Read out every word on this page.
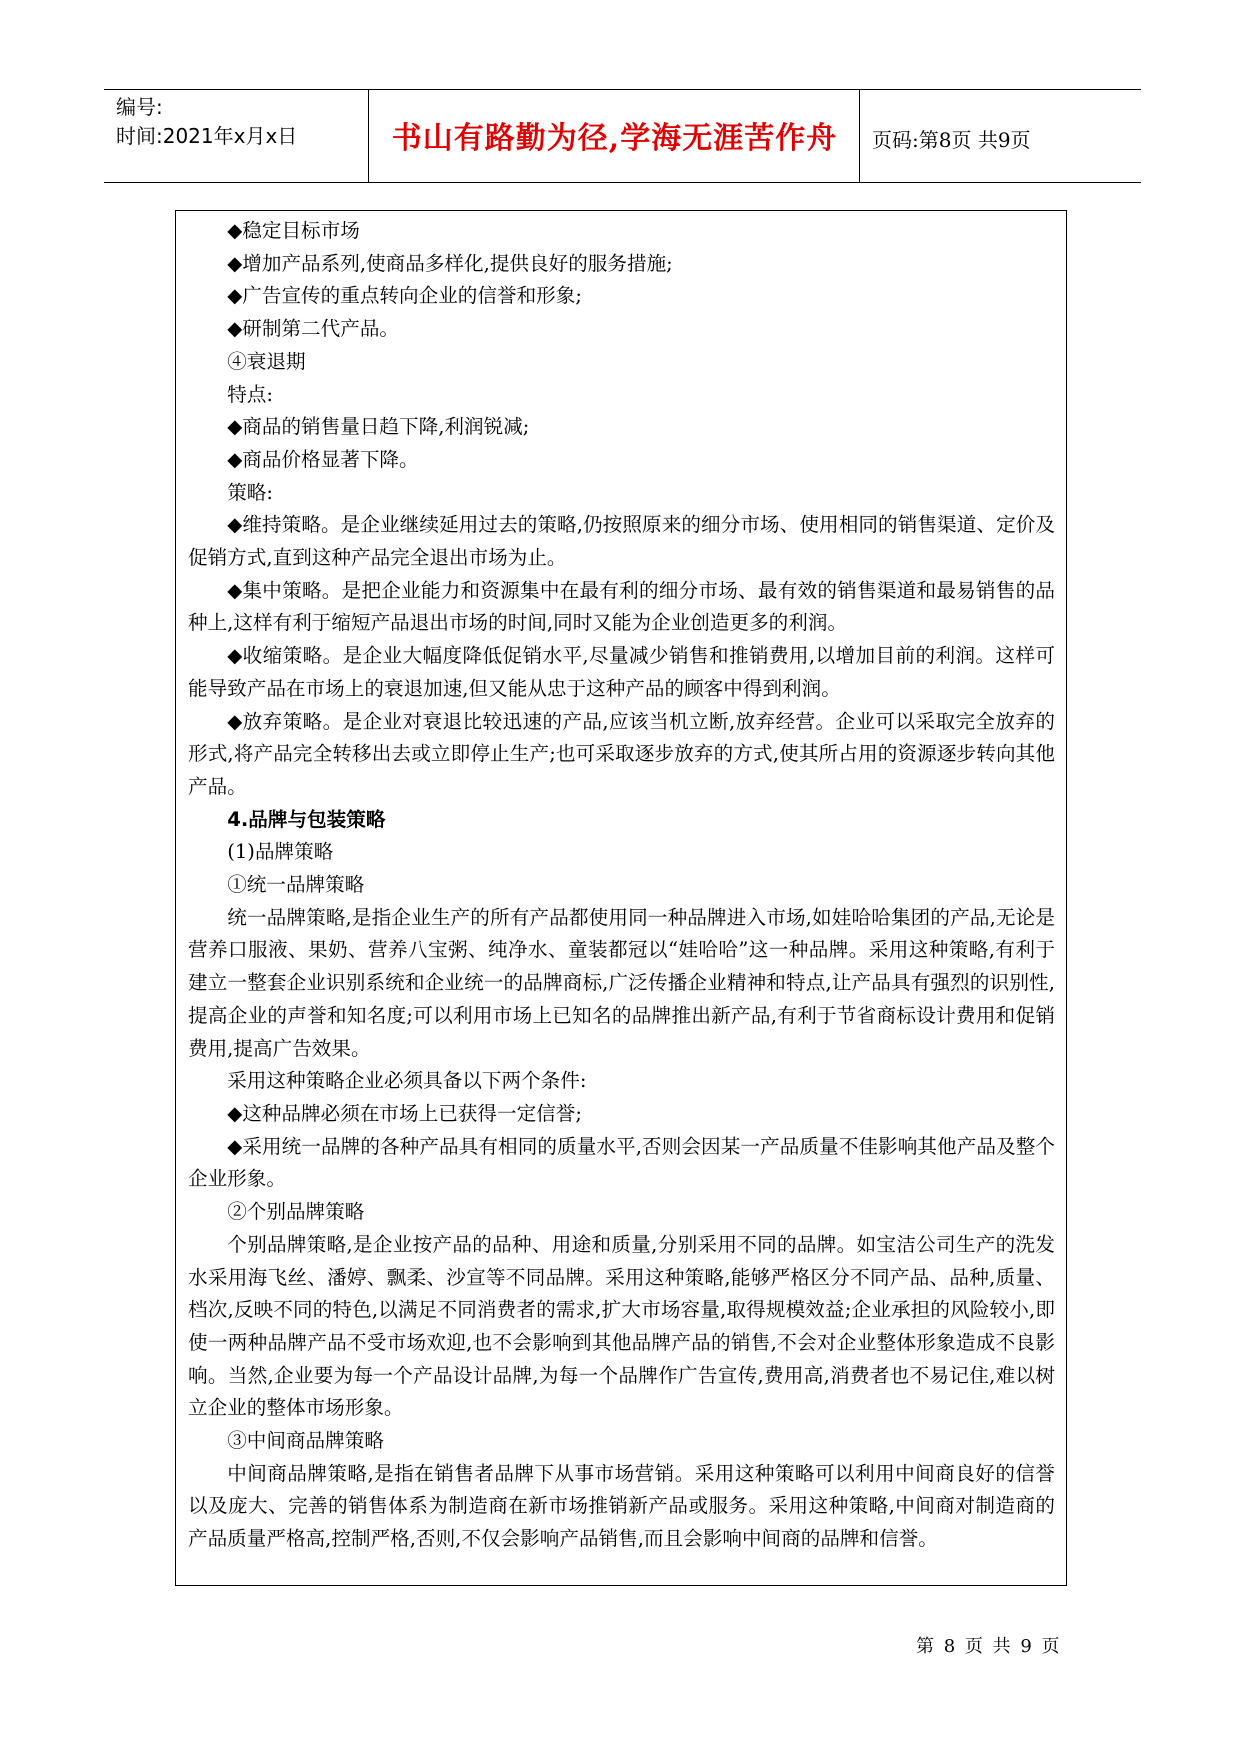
编号:
时间:2021年x月x日	书山有路勤为径,学海无涯苦作舟	页码:第8页 共9页

◆稳定目标市场

◆增加产品系列,使商品多样化,提供良好的服务措施;

◆广告宣传的重点转向企业的信誉和形象;

◆研制第二代产品。

④衰退期

特点:

◆商品的销售量日趋下降,利润锐减;

◆商品价格显著下降。

策略:

◆维持策略。是企业继续延用过去的策略,仍按照原来的细分市场、使用相同的销售渠道、定价及促销方式,直到这种产品完全退出市场为止。

◆集中策略。是把企业能力和资源集中在最有利的细分市场、最有效的销售渠道和最易销售的品种上,这样有利于缩短产品退出市场的时间,同时又能为企业创造更多的利润。

◆收缩策略。是企业大幅度降低促销水平,尽量减少销售和推销费用,以增加目前的利润。这样可能导致产品在市场上的衰退加速,但又能从忠于这种产品的顾客中得到利润。

◆放弃策略。是企业对衰退比较迅速的产品,应该当机立断,放弃经营。企业可以采取完全放弃的形式,将产品完全转移出去或立即停止生产;也可采取逐步放弃的方式,使其所占用的资源逐步转向其他产品。

4.品牌与包装策略

(1)品牌策略

①统一品牌策略

统一品牌策略,是指企业生产的所有产品都使用同一种品牌进入市场,如娃哈哈集团的产品,无论是营养口服液、果奶、营养八宝粥、纯净水、童装都冠以“娃哈哈”这一种品牌。采用这种策略,有利于建立一整套企业识别系统和企业统一的品牌商标,广泛传播企业精神和特点,让产品具有强烈的识别性,提高企业的声誉和知名度;可以利用市场上已知名的品牌推出新产品,有利于节省商标设计费用和促销费用,提高广告效果。

采用这种策略企业必须具备以下两个条件:

◆这种品牌必须在市场上已获得一定信誉;

◆采用统一品牌的各种产品具有相同的质量水平,否则会因某一产品质量不佳影响其他产品及整个企业形象。

②个别品牌策略

个别品牌策略,是企业按产品的品种、用途和质量,分别采用不同的品牌。如宝洁公司生产的洗发水采用海飞丝、潘婷、飘柔、沙宣等不同品牌。采用这种策略,能够严格区分不同产品、品种,质量、档次,反映不同的特色,以满足不同消费者的需求,扩大市场容量,取得规模效益;企业承担的风险较小,即使一两种品牌产品不受市场欢迎,也不会影响到其他品牌产品的销售,不会对企业整体形象造成不良影响。当然,企业要为每一个产品设计品牌,为每一个品牌作广告宣传,费用高,消费者也不易记住,难以树立企业的整体市场形象。

③中间商品牌策略

中间商品牌策略,是指在销售者品牌下从事市场营销。采用这种策略可以利用中间商良好的信誉以及庞大、完善的销售体系为制造商在新市场推销新产品或服务。采用这种策略,中间商对制造商的产品质量严格高,控制严格,否则,不仅会影响产品销售,而且会影响中间商的品牌和信誉。

第 8 页 共 9 页
